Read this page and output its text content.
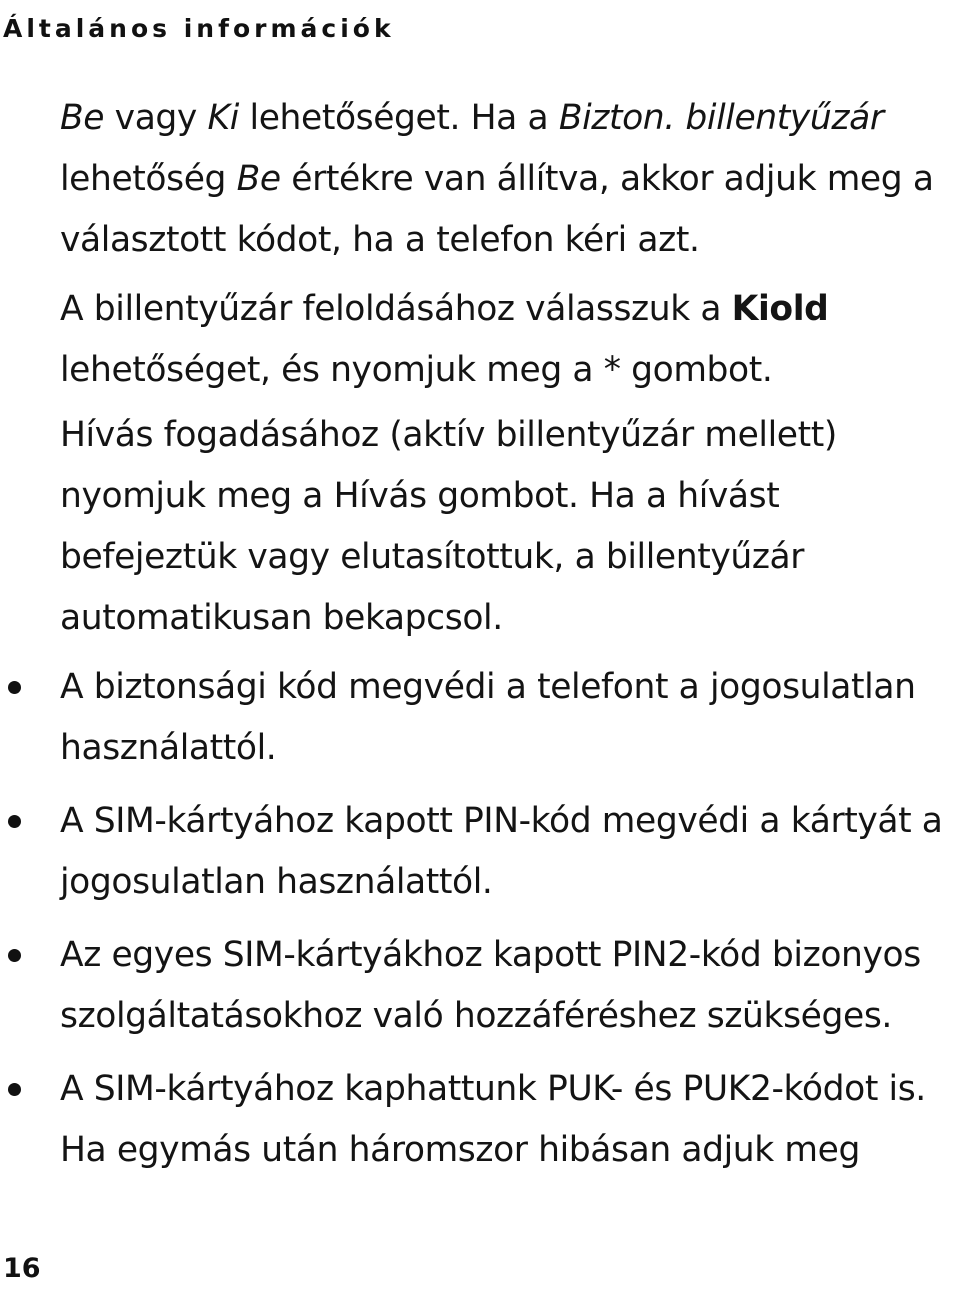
Általános információk

Be vagy Ki lehetőséget. Ha a Bizton. billentyűzár lehetőség Be értékre van állítva, akkor adjuk meg a választott kódot, ha a telefon kéri azt.

A billentyűzár feloldásához válasszuk a Kiold lehetőséget, és nyomjuk meg a * gombot.

Hívás fogadásához (aktív billentyűzár mellett) nyomjuk meg a Hívás gombot. Ha a hívást befejeztük vagy elutasítottuk, a billentyűzár automatikusan bekapcsol.

A biztonsági kód megvédi a telefont a jogosulatlan használattól.
A SIM-kártyához kapott PIN-kód megvédi a kártyát a jogosulatlan használattól.
Az egyes SIM-kártyákhoz kapott PIN2-kód bizonyos szolgáltatásokhoz való hozzáféréshez szükséges.
A SIM-kártyához kaphattunk PUK- és PUK2-kódot is. Ha egymás után háromszor hibásan adjuk meg
16
